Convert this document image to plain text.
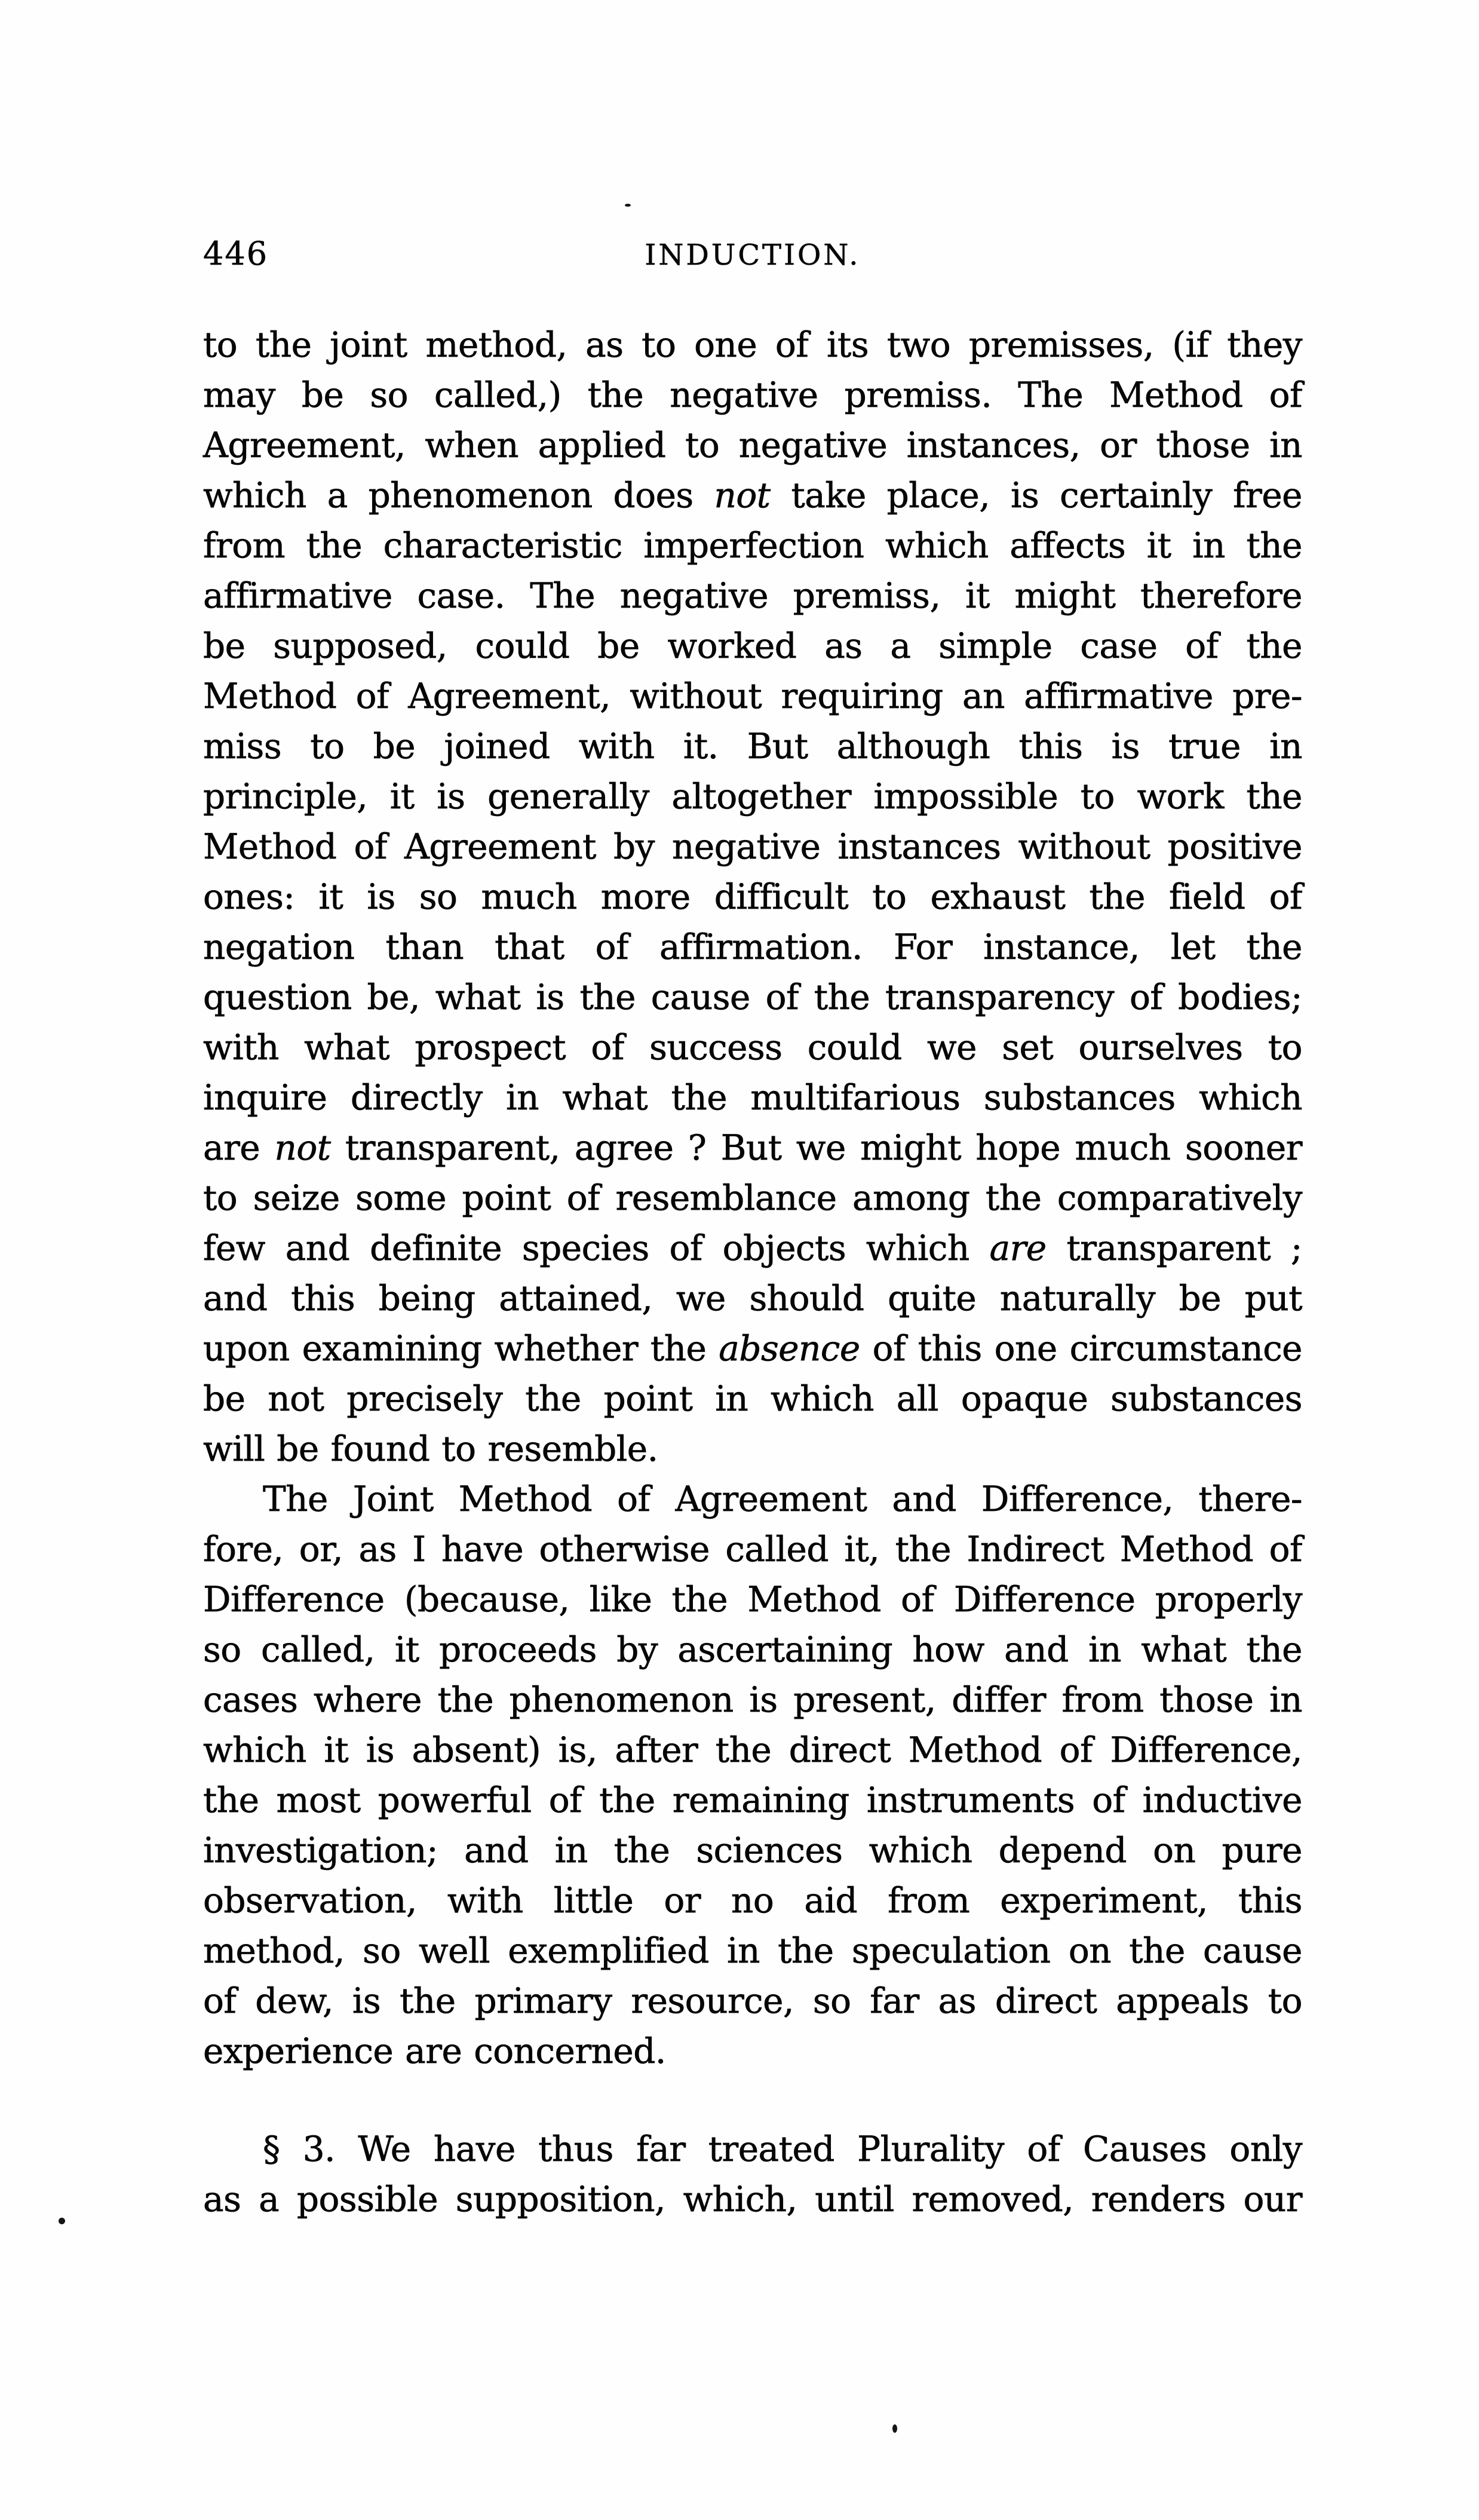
446	INDUCTION.
to the joint method, as to one of its two premisses, (if they
may be so called,) the negative premiss. The Method of
Agreement, when applied to negative instances, or those in
which a phenomenon does not take place, is certainly free
from the characteristic imperfection which affects it in the
affirmative case. The negative premiss, it might therefore
be supposed, could be worked as a simple case of the
Method of Agreement, without requiring an affirmative pre-
miss to be joined with it. But although this is true in
principle, it is generally altogether impossible to work the
Method of Agreement by negative instances without positive
ones: it is so much more difficult to exhaust the field of
negation than that of affirmation. For instance, let the
question be, what is the cause of the transparency of bodies;
with what prospect of success could we set ourselves to
inquire directly in what the multifarious substances which
are not transparent, agree ? But we might hope much sooner
to seize some point of resemblance among the comparatively
few and definite species of objects which are transparent ;
and this being attained, we should quite naturally be put
upon examining whether the absence of this one circumstance
be not precisely the point in which all opaque substances
will be found to resemble.
The Joint Method of Agreement and Difference, there-
fore, or, as I have otherwise called it, the Indirect Method of
Difference (because, like the Method of Difference properly
so called, it proceeds by ascertaining how and in what the
cases where the phenomenon is present, differ from those in
which it is absent) is, after the direct Method of Difference,
the most powerful of the remaining instruments of inductive
investigation; and in the sciences which depend on pure
observation, with little or no aid from experiment, this
method, so well exemplified in the speculation on the cause
of dew, is the primary resource, so far as direct appeals to
experience are concerned.
§ 3. We have thus far treated Plurality of Causes only
as a possible supposition, which, until removed, renders our
